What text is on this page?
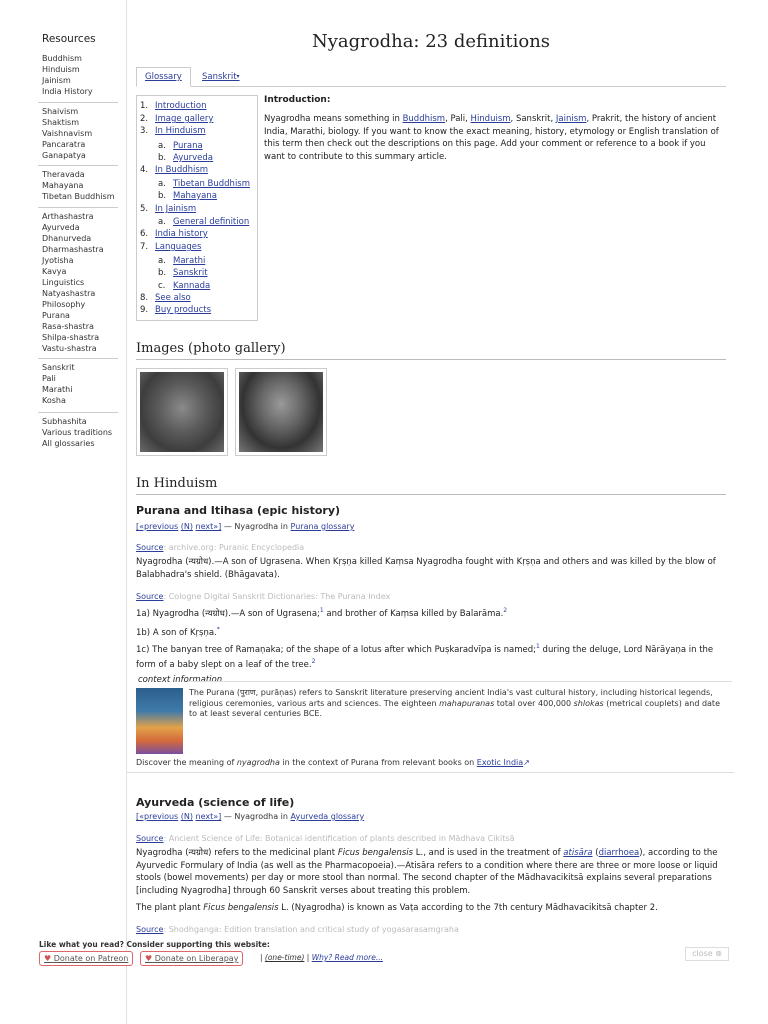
Resources
Buddhism
Hinduism
Jainism
India History
Shaivism
Shaktism
Vaishnavism
Pancaratra
Ganapatya
Theravada
Mahayana
Tibetan Buddhism
Arthashastra
Ayurveda
Dhanurveda
Dharmashastra
Jyotisha
Kavya
Linguistics
Natyashastra
Philosophy
Purana
Rasa-shastra
Shilpa-shastra
Vastu-shastra
Sanskrit
Pali
Marathi
Kosha
Subhashita
Various traditions
All glossaries
Nyagrodha: 23 definitions
Glossary	Sanskrit▾
1. Introduction
2. Image gallery
3. In Hinduism
a. Purana
b. Ayurveda
4. In Buddhism
a. Tibetan Buddhism
b. Mahayana
5. In Jainism
a. General definition
6. India history
7. Languages
a. Marathi
b. Sanskrit
c. Kannada
8. See also
9. Buy products
Introduction:
Nyagrodha means something in Buddhism, Pali, Hinduism, Sanskrit, Jainism, Prakrit, the history of ancient India, Marathi, biology. If you want to know the exact meaning, history, etymology or English translation of this term then check out the descriptions on this page. Add your comment or reference to a book if you want to contribute to this summary article.
Images (photo gallery)
In Hinduism
Purana and Itihasa (epic history)
[«previous (N) next»] — Nyagrodha in Purana glossary
Source: archive.org: Puranic Encyclopedia
Nyagrodha (न्यग्रोध).—A son of Ugrasena. When Kṛṣṇa killed Kaṃsa Nyagrodha fought with Kṛṣṇa and others and was killed by the blow of Balabhadra's shield. (Bhāgavata).
Source: Cologne Digital Sanskrit Dictionaries: The Purana Index
1a) Nyagrodha (न्यग्रोध).—A son of Ugrasena;$^1$ and brother of Kaṃsa killed by Balarāma.$^2$
1b) A son of Kṛṣṇa.*
1c) The banyan tree of Ramaṇaka; of the shape of a lotus after which Puṣkaradvīpa is named;$^1$ during the deluge, Lord Nārāyaṇa in the form of a baby slept on a leaf of the tree.$^2$
context information
The Purana (पुराण, purāṇas) refers to Sanskrit literature preserving ancient India's vast cultural history, including historical legends, religious ceremonies, various arts and sciences. The eighteen mahapuranas total over 400,000 shlokas (metrical couplets) and date to at least several centuries BCE.
Discover the meaning of nyagrodha in the context of Purana from relevant books on Exotic India↗
Ayurveda (science of life)
[«previous (N) next»] — Nyagrodha in Ayurveda glossary
Source: Ancient Science of Life: Botanical identification of plants described in Mādhava Cikitsā
Nyagrodha (न्यग्रोध) refers to the medicinal plant Ficus bengalensis L., and is used in the treatment of atisāra (diarrhoea), according to the Ayurvedic Formulary of India (as well as the Pharmacopoeia).—Atisāra refers to a condition where there are three or more loose or liquid stools (bowel movements) per day or more stool than normal. The second chapter of the Mādhavacikitsā explains several preparations [including Nyagrodha] through 60 Sanskrit verses about treating this problem.
The plant plant Ficus bengalensis L. (Nyagrodha) is known as Vaṭa according to the 7th century Mādhavacikitsā chapter 2.
Source: Shodhganga: Edition translation and critical study of yogasarasamgraha
Like what you read? Consider supporting this website:
♥ Donate on Patreon	♥ Donate on Liberapay	| (one-time) | Why? Read more...	close ⊗
